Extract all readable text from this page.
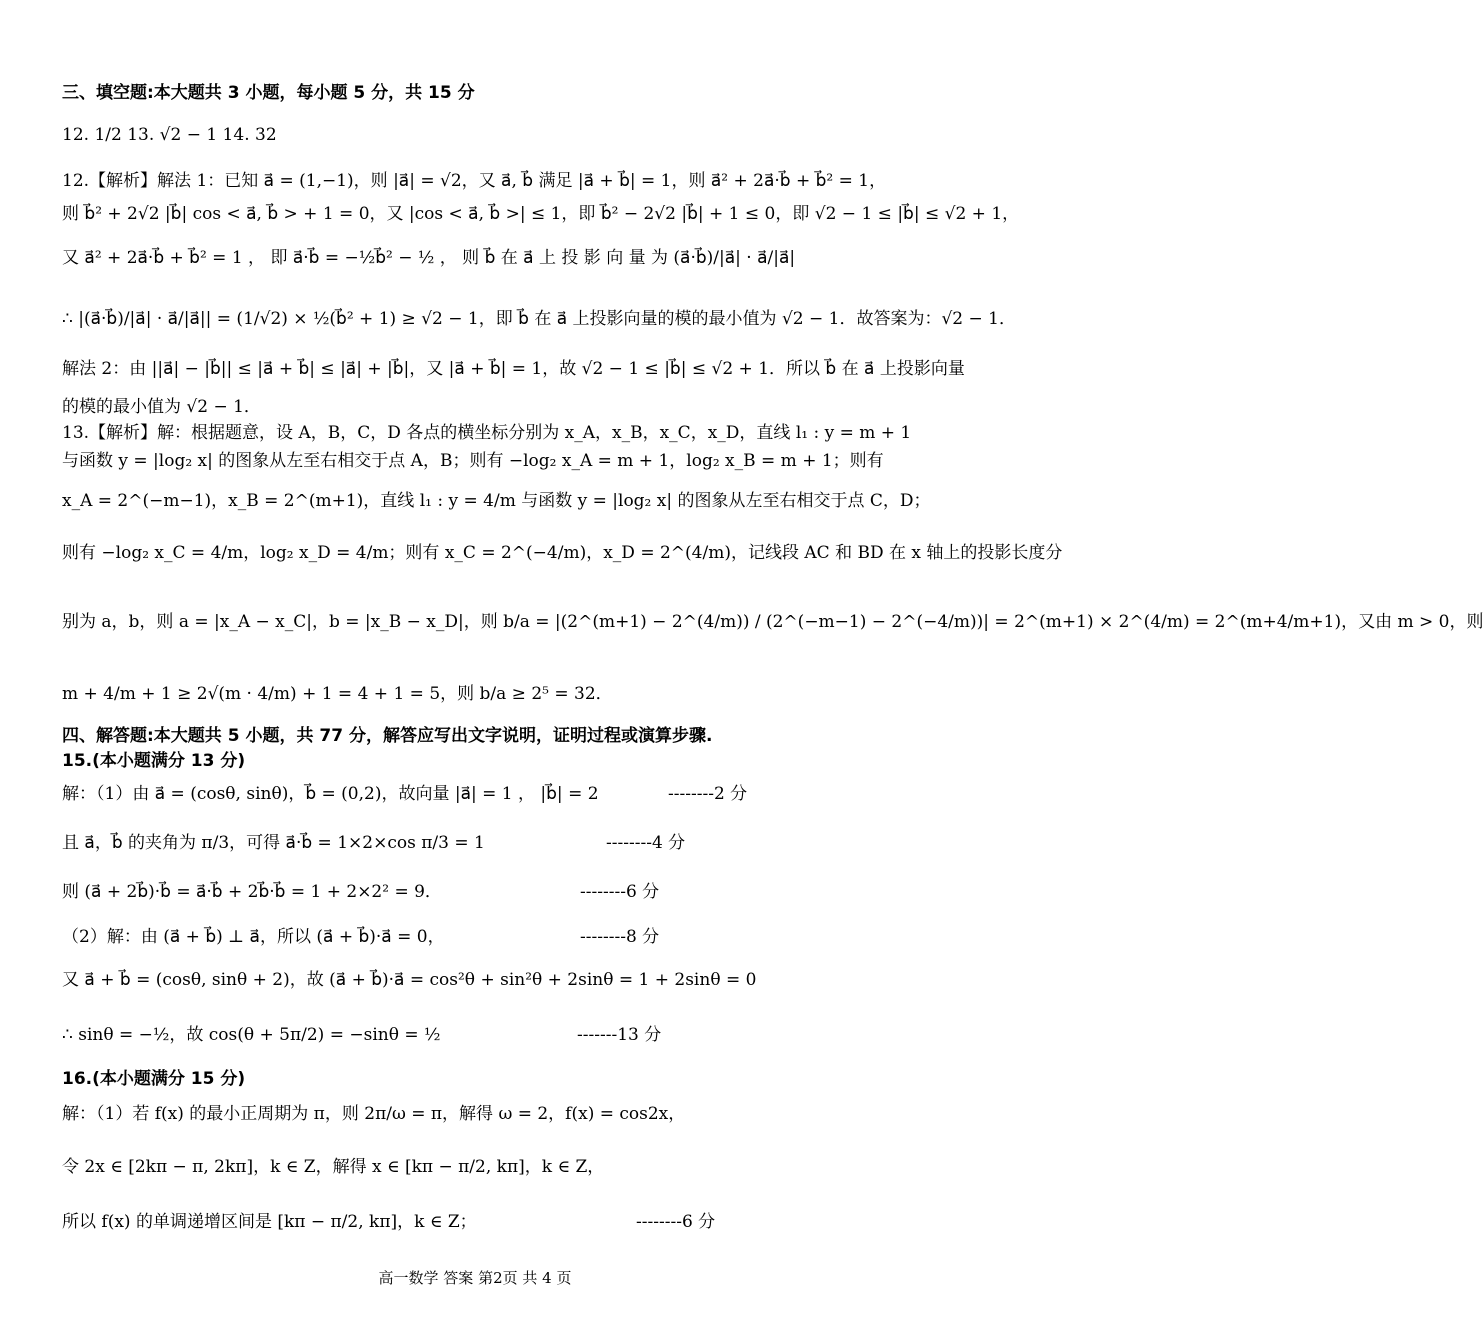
三、填空题:本大题共 3 小题，每小题 5 分，共 15 分
12. 1/2 13. √2 − 1 14. 32
12.【解析】解法 1：已知 a⃗ = (1,−1)，则 |a⃗| = √2，又 a⃗, b⃗ 满足 |a⃗ + b⃗| = 1，则 a⃗² + 2a⃗·b⃗ + b⃗² = 1，
则 b⃗² + 2√2 |b⃗| cos < a⃗, b⃗ > + 1 = 0，又 |cos < a⃗, b⃗ >| ≤ 1，即 b⃗² − 2√2 |b⃗| + 1 ≤ 0，即 √2 − 1 ≤ |b⃗| ≤ √2 + 1，
又 a⃗² + 2a⃗·b⃗ + b⃗² = 1 ， 即 a⃗·b⃗ = −½b⃗² − ½ ， 则 b⃗ 在 a⃗ 上 投 影 向 量 为 (a⃗·b⃗)/|a⃗| · a⃗/|a⃗|
∴ |(a⃗·b⃗)/|a⃗| · a⃗/|a⃗|| = (1/√2) × ½(b⃗² + 1) ≥ √2 − 1，即 b⃗ 在 a⃗ 上投影向量的模的最小值为 √2 − 1．故答案为：√2 − 1．
解法 2：由 ||a⃗| − |b⃗|| ≤ |a⃗ + b⃗| ≤ |a⃗| + |b⃗|，又 |a⃗ + b⃗| = 1，故 √2 − 1 ≤ |b⃗| ≤ √2 + 1．所以 b⃗ 在 a⃗ 上投影向量
的模的最小值为 √2 − 1．
13.【解析】解：根据题意，设 A，B，C，D 各点的横坐标分别为 x_A，x_B，x_C，x_D，直线 l₁ : y = m + 1
与函数 y = |log₂ x| 的图象从左至右相交于点 A，B；则有 −log₂ x_A = m + 1，log₂ x_B = m + 1；则有
x_A = 2^(−m−1)，x_B = 2^(m+1)，直线 l₁ : y = 4/m 与函数 y = |log₂ x| 的图象从左至右相交于点 C，D；
则有 −log₂ x_C = 4/m，log₂ x_D = 4/m；则有 x_C = 2^(−4/m)，x_D = 2^(4/m)，记线段 AC 和 BD 在 x 轴上的投影长度分
别为 a，b，则 a = |x_A − x_C|，b = |x_B − x_D|，则 b/a = |(2^(m+1) − 2^(4/m)) / (2^(−m−1) − 2^(−4/m))| = 2^(m+1) × 2^(4/m) = 2^(m+4/m+1)，又由 m > 0，则
m + 4/m + 1 ≥ 2√(m · 4/m) + 1 = 4 + 1 = 5，则 b/a ≥ 2⁵ = 32．
四、解答题:本大题共 5 小题，共 77 分，解答应写出文字说明，证明过程或演算步骤.
15.(本小题满分 13 分)
解：（1）由 a⃗ = (cosθ, sinθ)，b⃗ = (0,2)，故向量 |a⃗| = 1 ， |b⃗| = 2	--------2 分
且 a⃗，b⃗ 的夹角为 π/3，可得 a⃗·b⃗ = 1×2×cos π/3 = 1	--------4 分
则 (a⃗ + 2b⃗)·b⃗ = a⃗·b⃗ + 2b⃗·b⃗ = 1 + 2×2² = 9．	--------6 分
（2）解：由 (a⃗ + b⃗) ⊥ a⃗，所以 (a⃗ + b⃗)·a⃗ = 0，	--------8 分
又 a⃗ + b⃗ = (cosθ, sinθ + 2)，故 (a⃗ + b⃗)·a⃗ = cos²θ + sin²θ + 2sinθ = 1 + 2sinθ = 0
∴ sinθ = −½，故 cos(θ + 5π/2) = −sinθ = ½	-------13 分
16.(本小题满分 15 分)
解：（1）若 f(x) 的最小正周期为 π，则 2π/ω = π，解得 ω = 2，f(x) = cos2x，
令 2x ∈ [2kπ − π, 2kπ]，k ∈ Z，解得 x ∈ [kπ − π/2, kπ]，k ∈ Z，
所以 f(x) 的单调递增区间是 [kπ − π/2, kπ]，k ∈ Z；	--------6 分
高一数学 答案 第2页 共 4 页
